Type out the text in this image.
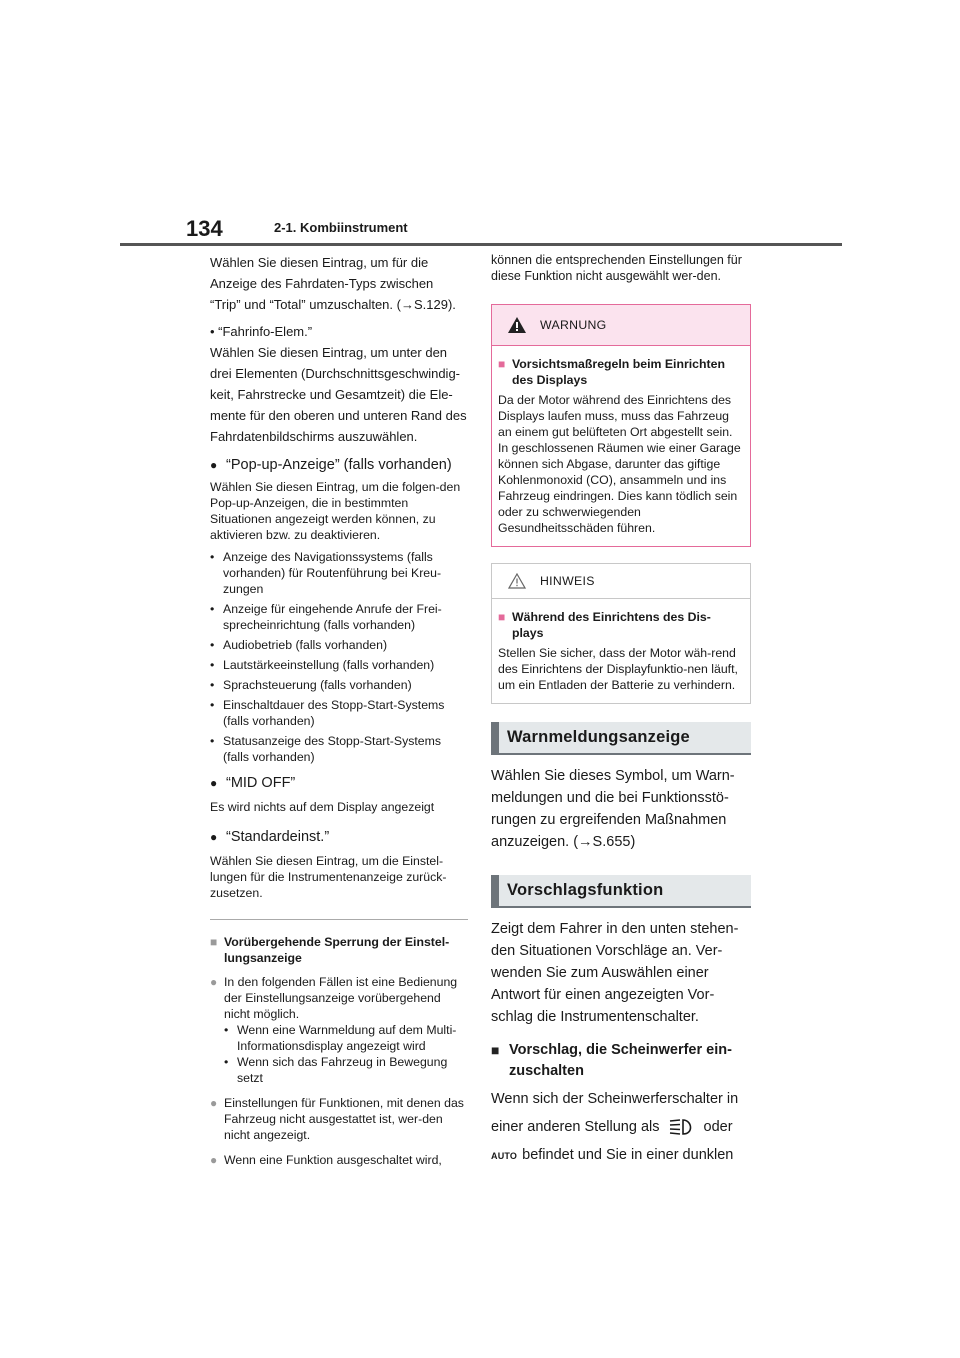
134	2-1. Kombiinstrument

Wählen Sie diesen Eintrag, um für die

Anzeige des Fahrdaten-Typs zwischen

“Trip” und “Total” umzuschalten. (→S.129).

• “Fahrinfo-Elem.”

Wählen Sie diesen Eintrag, um unter den

drei Elementen (Durchschnittsgeschwindig-

keit, Fahrstrecke und Gesamtzeit) die Ele-

mente für den oberen und unteren Rand des

Fahrdatenbildschirms auszuwählen.

● “Pop-up-Anzeige” (falls vorhanden)

Wählen Sie diesen Eintrag, um die folgen-den Pop-up-Anzeigen, die in bestimmten Situationen angezeigt werden können, zu aktivieren bzw. zu deaktivieren.

• Anzeige des Navigationssystems (falls vorhanden) für Routenführung bei Kreu-zungen
• Anzeige für eingehende Anrufe der Frei-sprecheinrichtung (falls vorhanden)
• Audiobetrieb (falls vorhanden)
• Lautstärkeeinstellung (falls vorhanden)
• Sprachsteuerung (falls vorhanden)
• Einschaltdauer des Stopp-Start-Systems (falls vorhanden)
• Statusanzeige des Stopp-Start-Systems (falls vorhanden)
● “MID OFF”

Es wird nichts auf dem Display angezeigt

● “Standardeinst.”

Wählen Sie diesen Eintrag, um die Einstel-lungen für die Instrumentenanzeige zurück-zusetzen.

■ Vorübergehende Sperrung der Einstel-lungsanzeige
● In den folgenden Fällen ist eine Bedienung der Einstellungsanzeige vorübergehend nicht möglich.
• Wenn eine Warnmeldung auf dem Multi-Informationsdisplay angezeigt wird
• Wenn sich das Fahrzeug in Bewegung setzt
● Einstellungen für Funktionen, mit denen das Fahrzeug nicht ausgestattet ist, wer-den nicht angezeigt.
● Wenn eine Funktion ausgeschaltet wird,

können die entsprechenden Einstellungen für diese Funktion nicht ausgewählt wer-den.

WARNUNG
■ Vorsichtsmaßregeln beim Einrichten des Displays

Da der Motor während des Einrichtens des Displays laufen muss, muss das Fahrzeug an einem gut belüfteten Ort abgestellt sein. In geschlossenen Räumen wie einer Garage können sich Abgase, darunter das giftige Kohlenmonoxid (CO), ansammeln und ins Fahrzeug eindringen. Dies kann tödlich sein oder zu schwerwiegenden Gesundheitsschäden führen.

HINWEIS
■ Während des Einrichtens des Dis-plays

Stellen Sie sicher, dass der Motor wäh-rend des Einrichtens der Displayfunktio-nen läuft, um ein Entladen der Batterie zu verhindern.

Warnmeldungsanzeige

Wählen Sie dieses Symbol, um Warn-

meldungen und die bei Funktionsstö-

rungen zu ergreifenden Maßnahmen

anzuzeigen. (→S.655)

Vorschlagsfunktion

Zeigt dem Fahrer in den unten stehen-

den Situationen Vorschläge an. Ver-

wenden Sie zum Auswählen einer

Antwort für einen angezeigten Vor-

schlag die Instrumentenschalter.

■ Vorschlag, die Scheinwerfer ein-zuschalten

Wenn sich der Scheinwerferschalter in

einer anderen Stellung als	oder

AUTO befindet und Sie in einer dunklen
